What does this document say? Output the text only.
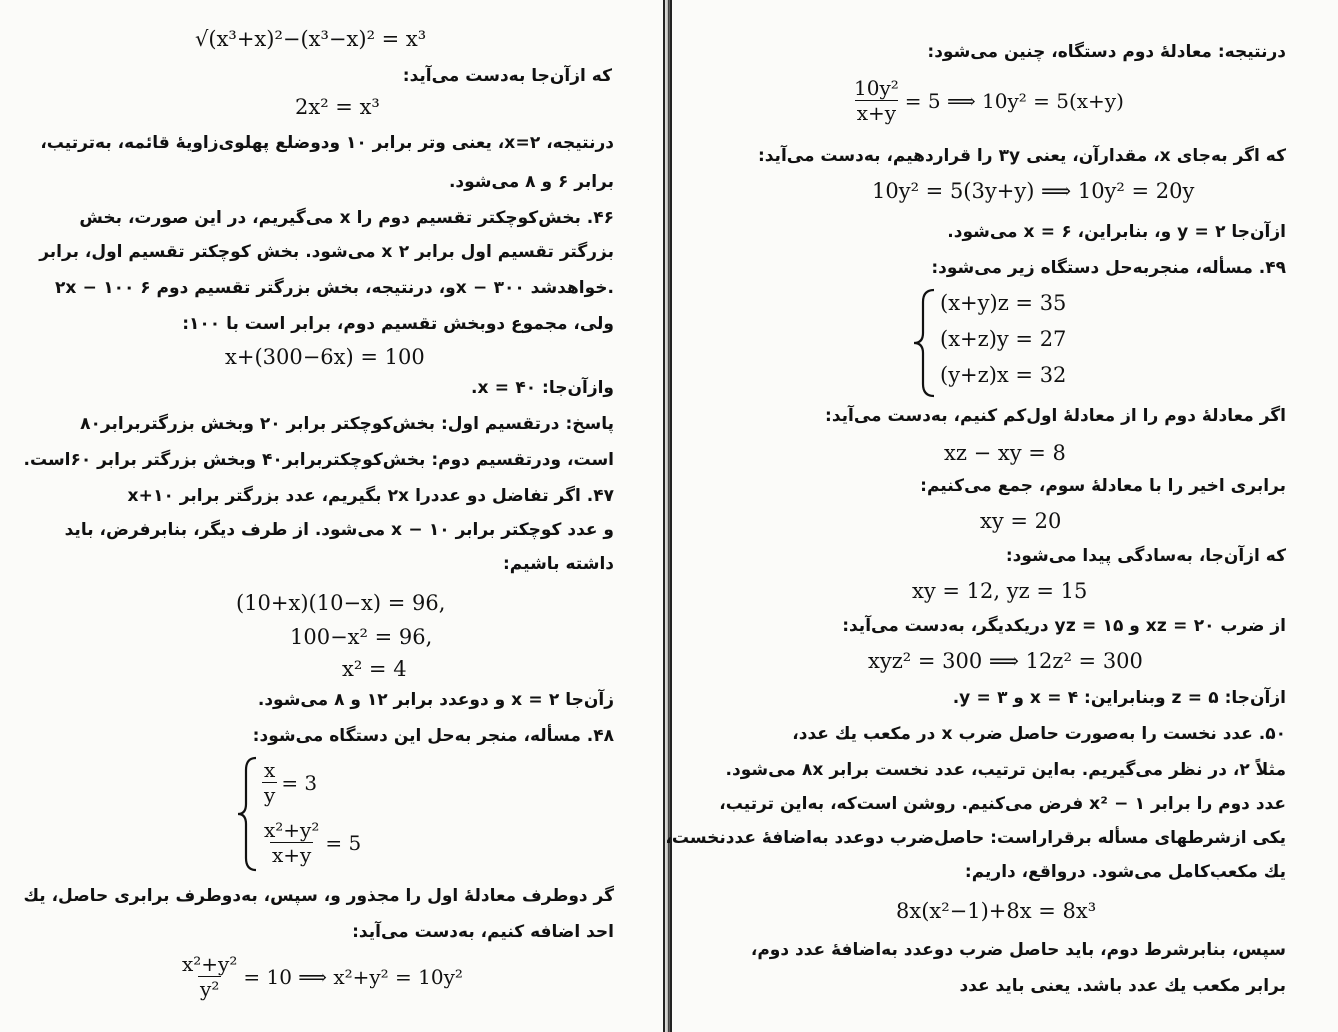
√(x³+x)²−(x³−x)² = x³
که ازآن‌جا به‌دست می‌آید:
2x² = x³
درنتیجه، x=۲، یعنی وتر برابر ۱۰ ودوضلع پهلوی‌زاویهٔ قائمه، به‌ترتیب،
برابر ۶ و ۸ می‌شود.
۴۶. بخش‌کوچکتر تقسیم دوم را x می‌گیریم، در این صورت، بخش
بزرگتر تقسیم اول برابر x ۲ می‌شود. بخش کوچکتر تقسیم اول، برابر
۲x − ۱۰۰ و، درنتیجه، بخش بزرگتر تقسیم دوم ۶x − ۳۰۰ خواهدشد.
ولی، مجموع دوبخش تقسیم دوم، برابر است با ۱۰۰:
x+(300−6x) = 100
وازآن‌جا: x = ۴۰.
پاسخ: درتقسیم اول: بخش‌کوچکتر برابر ۲۰ وبخش بزرگتربرابر۸۰
است، ودرتقسیم دوم: بخش‌کوچکتربرابر۴۰ وبخش بزرگتر برابر ۶۰است.
۴۷. اگر تفاضل دو عددرا ۲x بگیریم، عدد بزرگتر برابر x+۱۰
و عدد کوچکتر برابر x − ۱۰ می‌شود. از طرف دیگر، بنابرفرض، باید
داشته باشیم:
(10+x)(10−x) = 96,
100−x² = 96,
x² = 4
زآن‌جا x = ۲ و دوعدد برابر ۱۲ و ۸ می‌شود.
۴۸. مسأله، منجر به‌حل این دستگاه می‌شود:
$\frac{x}{y} = 3$
$\frac{\text{x²+y²}}{x+y} = 5$
گر دوطرف معادلهٔ اول را مجذور و، سپس، به‌دوطرف برابری حاصل، یك
احد اضافه کنیم، به‌دست می‌آید:
$\frac{\text{x²+y²}}{\text{y²}} = 10$ ⟹ x²+y² = 10y²
درنتیجه: معادلهٔ دوم دستگاه، چنین می‌شود:
$\frac{\text{10y²}}{x+y} = 5$ ⟹ 10y² = 5(x+y)
که اگر به‌جای x، مقدارآن، یعنی ۳y را قراردهیم، به‌دست می‌آید:
10y² = 5(3y+y) ⟹ 10y² = 20y
ازآن‌جا y = ۲ و، بنابراین، x = ۶ می‌شود.
۴۹. مسأله، منجربه‌حل دستگاه زیر می‌شود:
(x+y)z = 35
(x+z)y = 27
(y+z)x = 32
اگر معادلهٔ دوم را از معادلهٔ اول‌کم کنیم، به‌دست می‌آید:
xz − xy = 8
برابری اخیر را با معادلهٔ سوم، جمع می‌کنیم:
xy = 20
که ازآن‌جا، به‌سادگی پیدا می‌شود:
xy = 12, yz = 15
از ضرب xz = ۲۰ و yz = ۱۵ دریکدیگر، به‌دست می‌آید:
xyz² = 300 ⟹ 12z² = 300
ازآن‌جا: z = ۵ وبنابراین: x = ۴ و y = ۳.
۵۰. عدد نخست را به‌صورت حاصل ضرب x در مکعب یك عدد،
مثلاً ۲، در نظر می‌گیریم. به‌این ترتیب، عدد نخست برابر ۸x می‌شود.
عدد دوم را برابر x² − ۱ فرض می‌کنیم. روشن است‌که، به‌این ترتیب،
یکی ازشرطهای مسأله برقراراست: حاصل‌ضرب دوعدد به‌اضافهٔ عددنخست،
یك مکعب‌کامل می‌شود. درواقع، داریم:
8x(x²−1)+8x = 8x³
سپس، بنابرشرط دوم، باید حاصل ضرب دوعدد به‌اضافهٔ عدد دوم،
برابر مکعب یك عدد باشد. یعنی باید عدد
